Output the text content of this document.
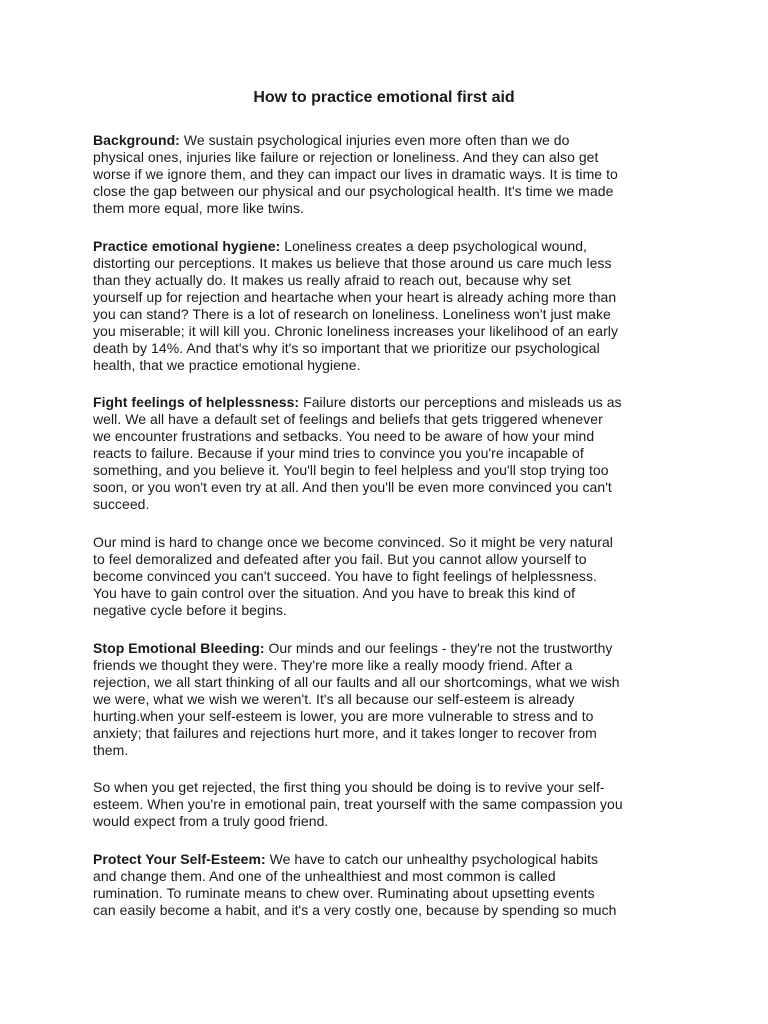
How to practice emotional first aid

Background: We sustain psychological injuries even more often than we do
physical ones, injuries like failure or rejection or loneliness. And they can also get
worse if we ignore them, and they can impact our lives in dramatic ways. It is time to
close the gap between our physical and our psychological health. It's time we made
them more equal, more like twins.

Practice emotional hygiene: Loneliness creates a deep psychological wound,
distorting our perceptions. It makes us believe that those around us care much less
than they actually do. It makes us really afraid to reach out, because why set
yourself up for rejection and heartache when your heart is already aching more than
you can stand? There is a lot of research on loneliness. Loneliness won't just make
you miserable; it will kill you. Chronic loneliness increases your likelihood of an early
death by 14%. And that's why it's so important that we prioritize our psychological
health, that we practice emotional hygiene.

Fight feelings of helplessness: Failure distorts our perceptions and misleads us as
well. We all have a default set of feelings and beliefs that gets triggered whenever
we encounter frustrations and setbacks. You need to be aware of how your mind
reacts to failure. Because if your mind tries to convince you you're incapable of
something, and you believe it. You'll begin to feel helpless and you'll stop trying too
soon, or you won't even try at all. And then you'll be even more convinced you can't
succeed.

Our mind is hard to change once we become convinced. So it might be very natural
to feel demoralized and defeated after you fail. But you cannot allow yourself to
become convinced you can't succeed. You have to fight feelings of helplessness.
You have to gain control over the situation. And you have to break this kind of
negative cycle before it begins.

Stop Emotional Bleeding: Our minds and our feelings - they're not the trustworthy
friends we thought they were. They're more like a really moody friend. After a
rejection, we all start thinking of all our faults and all our shortcomings, what we wish
we were, what we wish we weren't. It's all because our self-esteem is already
hurting.when your self-esteem is lower, you are more vulnerable to stress and to
anxiety; that failures and rejections hurt more, and it takes longer to recover from
them.

So when you get rejected, the first thing you should be doing is to revive your self-
esteem. When you're in emotional pain, treat yourself with the same compassion you
would expect from a truly good friend.

Protect Your Self-Esteem: We have to catch our unhealthy psychological habits
and change them. And one of the unhealthiest and most common is called
rumination. To ruminate means to chew over. Ruminating about upsetting events
can easily become a habit, and it's a very costly one, because by spending so much
